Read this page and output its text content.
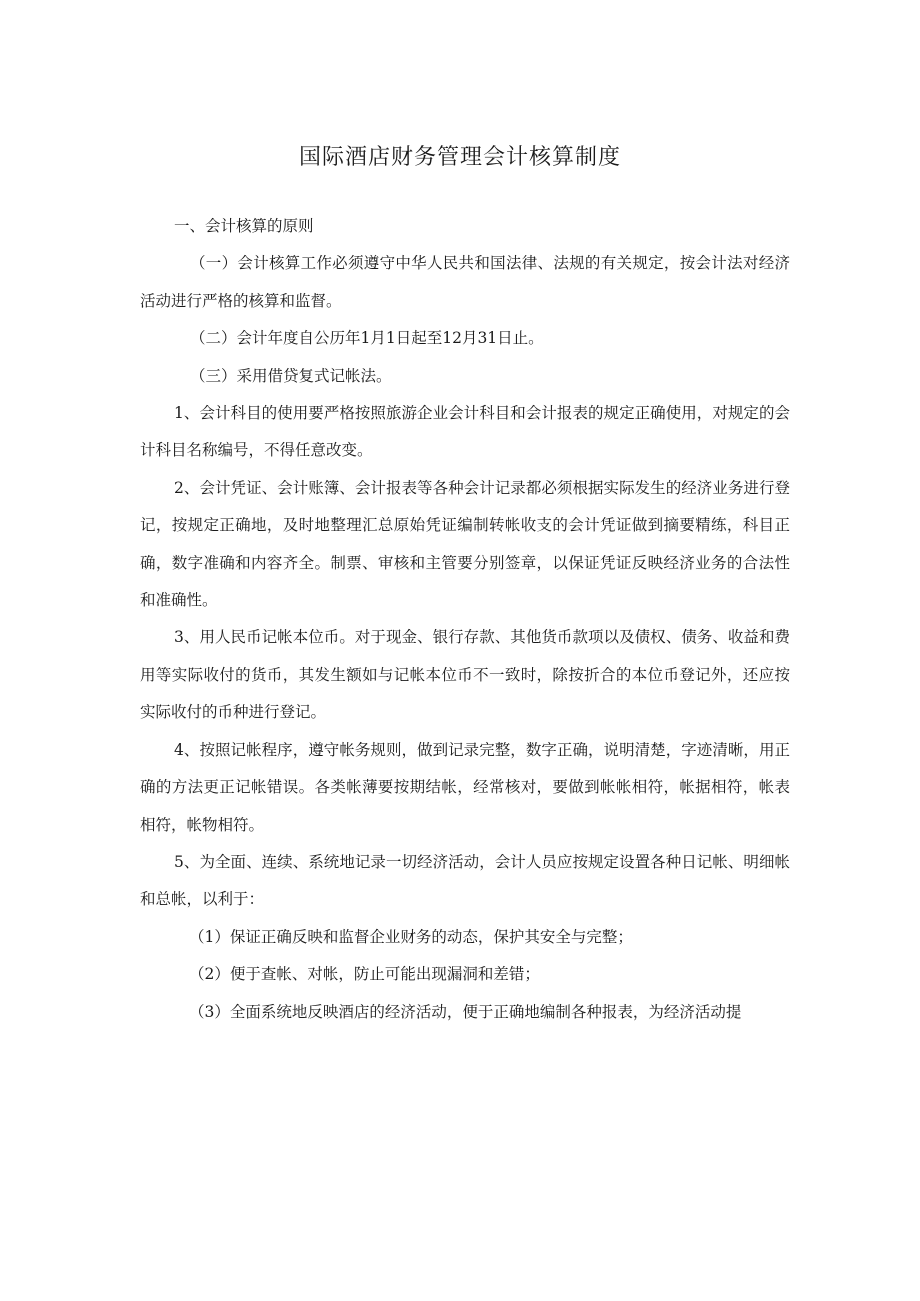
国际酒店财务管理会计核算制度

一、会计核算的原则

（一）会计核算工作必须遵守中华人民共和国法律、法规的有关规定，按会计法对经济活动进行严格的核算和监督。

（二）会计年度自公历年1月1日起至12月31日止。

（三）采用借贷复式记帐法。

1、会计科目的使用要严格按照旅游企业会计科目和会计报表的规定正确使用，对规定的会计科目名称编号，不得任意改变。

2、会计凭证、会计账簿、会计报表等各种会计记录都必须根据实际发生的经济业务进行登记，按规定正确地，及时地整理汇总原始凭证编制转帐收支的会计凭证做到摘要精练，科目正确，数字准确和内容齐全。制票、审核和主管要分别签章，以保证凭证反映经济业务的合法性和准确性。

3、用人民币记帐本位币。对于现金、银行存款、其他货币款项以及债权、债务、收益和费用等实际收付的货币，其发生额如与记帐本位币不一致时，除按折合的本位币登记外，还应按实际收付的币种进行登记。

4、按照记帐程序，遵守帐务规则，做到记录完整，数字正确，说明清楚，字迹清晰，用正确的方法更正记帐错误。各类帐薄要按期结帐，经常核对，要做到帐帐相符，帐据相符，帐表相符，帐物相符。

5、为全面、连续、系统地记录一切经济活动，会计人员应按规定设置各种日记帐、明细帐和总帐，以利于：

（1）保证正确反映和监督企业财务的动态，保护其安全与完整；

（2）便于查帐、对帐，防止可能出现漏洞和差错；

（3）全面系统地反映酒店的经济活动，便于正确地编制各种报表，为经济活动提
